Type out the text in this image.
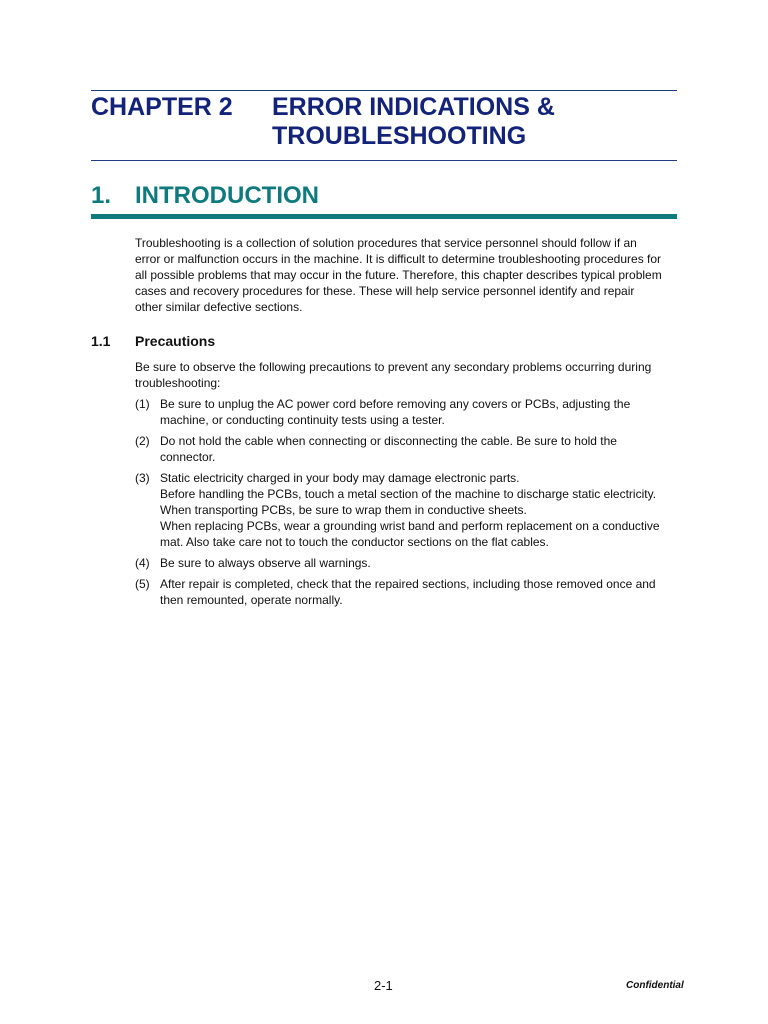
CHAPTER 2 ERROR INDICATIONS &
TROUBLESHOOTING
1. INTRODUCTION

Troubleshooting is a collection of solution procedures that service personnel should follow if an error or malfunction occurs in the machine. It is difficult to determine troubleshooting procedures for all possible problems that may occur in the future. Therefore, this chapter describes typical problem cases and recovery procedures for these. These will help service personnel identify and repair other similar defective sections.

1.1 Precautions

Be sure to observe the following precautions to prevent any secondary problems occurring during troubleshooting:

(1) Be sure to unplug the AC power cord before removing any covers or PCBs, adjusting the machine, or conducting continuity tests using a tester.
(2) Do not hold the cable when connecting or disconnecting the cable. Be sure to hold the connector.
(3) Static electricity charged in your body may damage electronic parts.
Before handling the PCBs, touch a metal section of the machine to discharge static electricity.
When transporting PCBs, be sure to wrap them in conductive sheets.
When replacing PCBs, wear a grounding wrist band and perform replacement on a conductive mat. Also take care not to touch the conductor sections on the flat cables.
(4) Be sure to always observe all warnings.
(5) After repair is completed, check that the repaired sections, including those removed once and then remounted, operate normally.
2-1	Confidential
